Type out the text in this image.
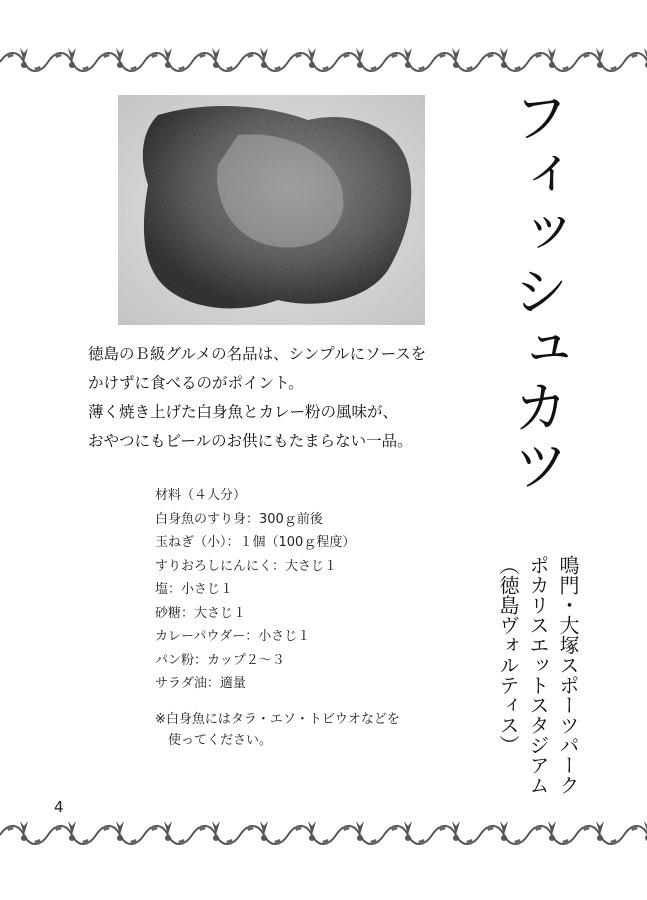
フィッシュカツ
鳴門・大塚スポーツパーク
ポカリスエットスタジアム
（徳島ヴォルティス）
徳島のＢ級グルメの名品は、シンプルにソースを
かけずに食べるのがポイント。
薄く焼き上げた白身魚とカレー粉の風味が、
おやつにもビールのお供にもたまらない一品。
材料（４人分）
白身魚のすり身：300ｇ前後
玉ねぎ（小）：１個（100ｇ程度）
すりおろしにんにく：大さじ１
塩：小さじ１
砂糖：大さじ１
カレーパウダー：小さじ１
パン粉：カップ２～３
サラダ油：適量
※白身魚にはタラ・エソ・トビウオなどを
使ってください。
4
